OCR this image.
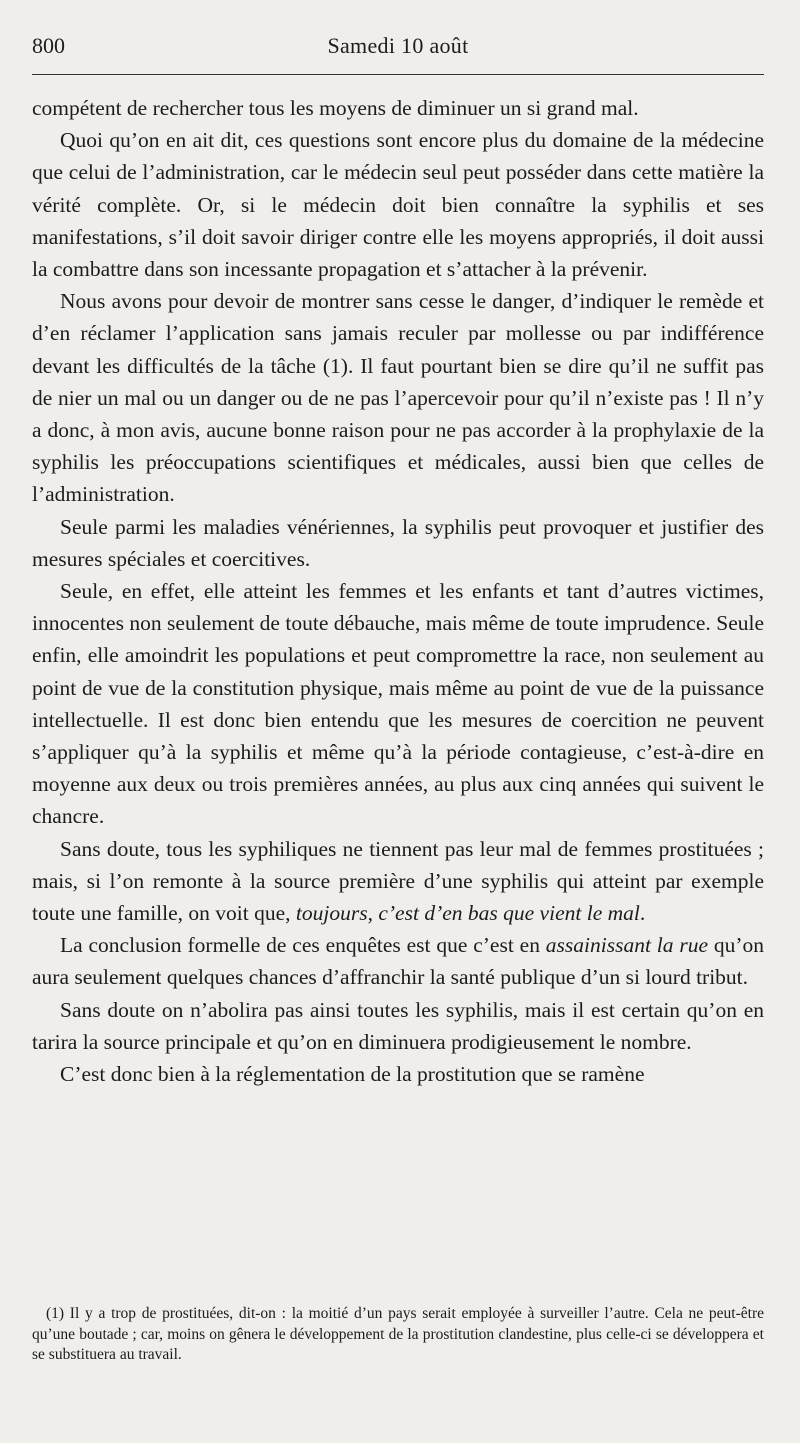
800	Samedi 10 août

compétent de rechercher tous les moyens de diminuer un si grand mal.

Quoi qu’on en ait dit, ces questions sont encore plus du domaine de la médecine que celui de l’administration, car le médecin seul peut posséder dans cette matière la vérité complète. Or, si le médecin doit bien connaître la syphilis et ses manifestations, s’il doit savoir diriger contre elle les moyens appropriés, il doit aussi la combattre dans son incessante propagation et s’attacher à la prévenir.

Nous avons pour devoir de montrer sans cesse le danger, d’indiquer le remède et d’en réclamer l’application sans jamais reculer par mollesse ou par indifférence devant les difficultés de la tâche (1). Il faut pourtant bien se dire qu’il ne suffit pas de nier un mal ou un danger ou de ne pas l’apercevoir pour qu’il n’existe pas ! Il n’y a donc, à mon avis, aucune bonne raison pour ne pas accorder à la prophylaxie de la syphilis les préoccupations scientifiques et médicales, aussi bien que celles de l’administration.

Seule parmi les maladies vénériennes, la syphilis peut provoquer et justifier des mesures spéciales et coercitives.

Seule, en effet, elle atteint les femmes et les enfants et tant d’autres victimes, innocentes non seulement de toute débauche, mais même de toute imprudence. Seule enfin, elle amoindrit les populations et peut compromettre la race, non seulement au point de vue de la constitution physique, mais même au point de vue de la puissance intellectuelle. Il est donc bien entendu que les mesures de coercition ne peuvent s’appliquer qu’à la syphilis et même qu’à la période contagieuse, c’est-à-dire en moyenne aux deux ou trois premières années, au plus aux cinq années qui suivent le chancre.

Sans doute, tous les syphiliques ne tiennent pas leur mal de femmes prostituées ; mais, si l’on remonte à la source première d’une syphilis qui atteint par exemple toute une famille, on voit que, toujours, c’est d’en bas que vient le mal.

La conclusion formelle de ces enquêtes est que c’est en assainissant la rue qu’on aura seulement quelques chances d’affranchir la santé publique d’un si lourd tribut.

Sans doute on n’abolira pas ainsi toutes les syphilis, mais il est certain qu’on en tarira la source principale et qu’on en diminuera prodigieusement le nombre.

C’est donc bien à la réglementation de la prostitution que se ramène

(1) Il y a trop de prostituées, dit-on : la moitié d’un pays serait employée à surveiller l’autre. Cela ne peut-être qu’une boutade ; car, moins on gênera le développement de la prostitution clandestine, plus celle-ci se développera et se substituera au travail.
